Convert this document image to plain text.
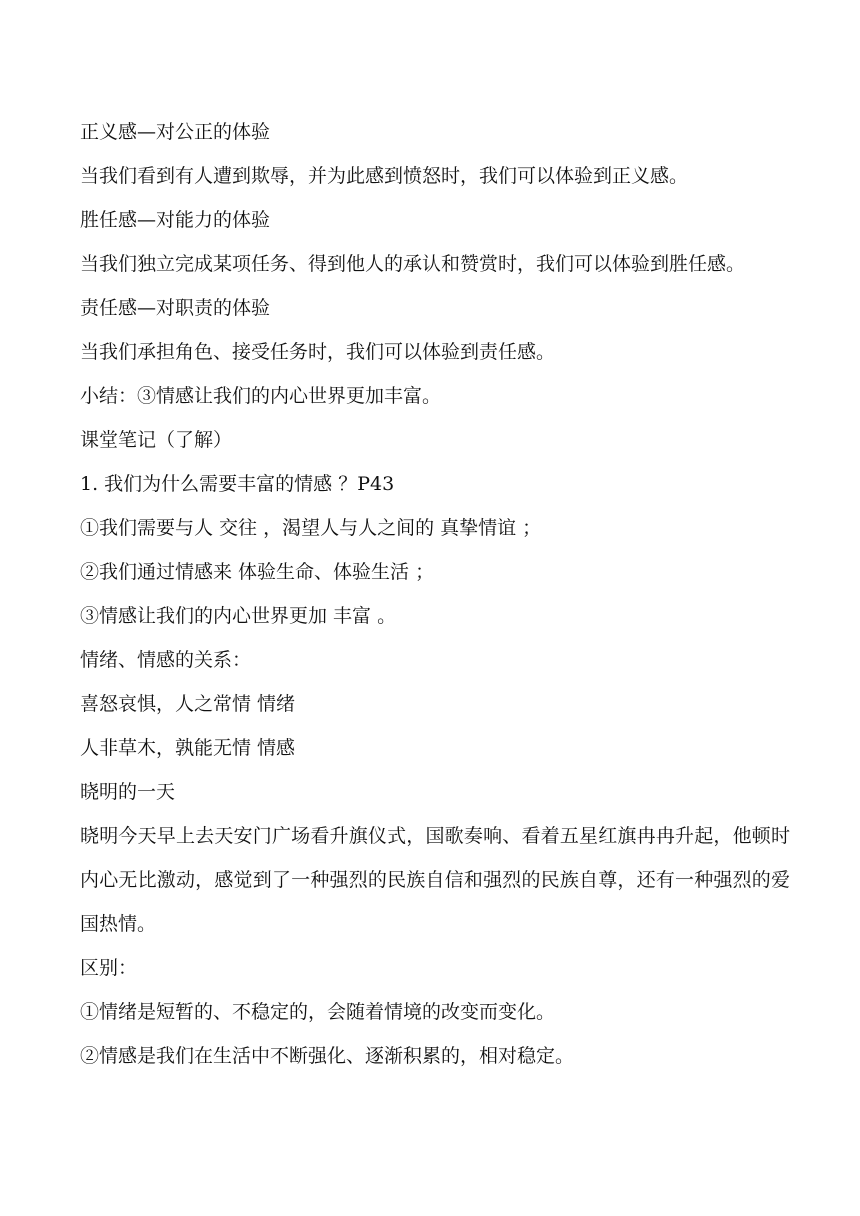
正义感—对公正的体验
当我们看到有人遭到欺辱，并为此感到愤怒时，我们可以体验到正义感。
胜任感—对能力的体验
当我们独立完成某项任务、得到他人的承认和赞赏时，我们可以体验到胜任感。
责任感—对职责的体验
当我们承担角色、接受任务时，我们可以体验到责任感。
小结：③情感让我们的内心世界更加丰富。
课堂笔记（了解）
1. 我们为什么需要丰富的情感 ？P43
①我们需要与人 交往 ，渴望人与人之间的 真挚情谊 ；
②我们通过情感来 体验生命、体验生活 ；
③情感让我们的内心世界更加 丰富 。
情绪、情感的关系：
喜怒哀惧，人之常情 情绪
人非草木，孰能无情 情感
晓明的一天
晓明今天早上去天安门广场看升旗仪式，国歌奏响、看着五星红旗冉冉升起，他顿时内心无比激动，感觉到了一种强烈的民族自信和强烈的民族自尊，还有一种强烈的爱国热情。
区别：
①情绪是短暂的、不稳定的，会随着情境的改变而变化。
②情感是我们在生活中不断强化、逐渐积累的，相对稳定。
